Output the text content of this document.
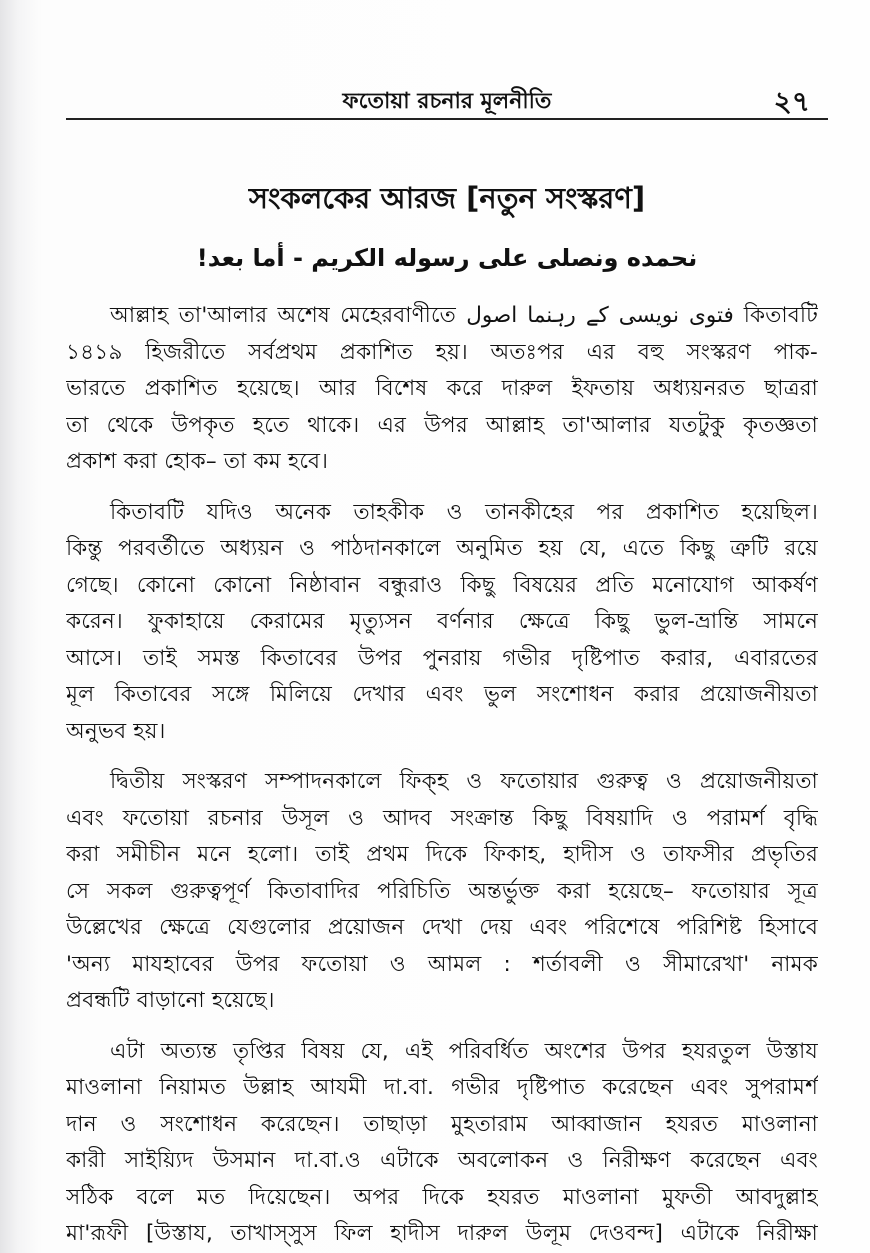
ফতোয়া রচনার মূলনীতি	২৭
সংকলকের আরজ [নতুন সংস্করণ]
نحمده ونصلى على رسوله الكريم - أما بعد!
আল্লাহ তা'আলার অশেষ মেহেরবাণীতে فتوى نويسى كے رہنما اصول কিতাবটি
১৪১৯ হিজরীতে সর্বপ্রথম প্রকাশিত হয়। অতঃপর এর বহু সংস্করণ পাক-
ভারতে প্রকাশিত হয়েছে। আর বিশেষ করে দারুল ইফতায় অধ্যয়নরত ছাত্ররা
তা থেকে উপকৃত হতে থাকে। এর উপর আল্লাহ তা'আলার যতটুকু কৃতজ্ঞতা
প্রকাশ করা হোক– তা কম হবে।
কিতাবটি যদিও অনেক তাহকীক ও তানকীহের পর প্রকাশিত হয়েছিল।
কিন্তু পরবর্তীতে অধ্যয়ন ও পাঠদানকালে অনুমিত হয় যে, এতে কিছু ত্রুটি রয়ে
গেছে। কোনো কোনো নিষ্ঠাবান বন্ধুরাও কিছু বিষয়ের প্রতি মনোযোগ আকর্ষণ
করেন। ফুকাহায়ে কেরামের মৃত্যুসন বর্ণনার ক্ষেত্রে কিছু ভুল-ভ্রান্তি সামনে
আসে। তাই সমস্ত কিতাবের উপর পুনরায় গভীর দৃষ্টিপাত করার, এবারতের
মূল কিতাবের সঙ্গে মিলিয়ে দেখার এবং ভুল সংশোধন করার প্রয়োজনীয়তা
অনুভব হয়।
দ্বিতীয় সংস্করণ সম্পাদনকালে ফিক্‌হ ও ফতোয়ার গুরুত্ব ও প্রয়োজনীয়তা
এবং ফতোয়া রচনার উসূল ও আদব সংক্রান্ত কিছু বিষয়াদি ও পরামর্শ বৃদ্ধি
করা সমীচীন মনে হলো। তাই প্রথম দিকে ফিকাহ, হাদীস ও তাফসীর প্রভৃতির
সে সকল গুরুত্বপূর্ণ কিতাবাদির পরিচিতি অন্তর্ভুক্ত করা হয়েছে– ফতোয়ার সূত্র
উল্লেখের ক্ষেত্রে যেগুলোর প্রয়োজন দেখা দেয় এবং পরিশেষে পরিশিষ্ট হিসাবে
'অন্য মাযহাবের উপর ফতোয়া ও আমল : শর্তাবলী ও সীমারেখা' নামক
প্রবন্ধটি বাড়ানো হয়েছে।
এটা অত্যন্ত তৃপ্তির বিষয় যে, এই পরিবর্ধিত অংশের উপর হযরতুল উস্তায
মাওলানা নিয়ামত উল্লাহ আযমী দা.বা. গভীর দৃষ্টিপাত করেছেন এবং সুপরামর্শ
দান ও সংশোধন করেছেন। তাছাড়া মুহতারাম আব্বাজান হযরত মাওলানা
কারী সাইয়্যিদ উসমান দা.বা.ও এটাকে অবলোকন ও নিরীক্ষণ করেছেন এবং
সঠিক বলে মত দিয়েছেন। অপর দিকে হযরত মাওলানা মুফতী আবদুল্লাহ
মা'রূফী [উস্তায, তাখাস্‌সুস ফিল হাদীস দারুল উলূম দেওবন্দ] এটাকে নিরীক্ষা
